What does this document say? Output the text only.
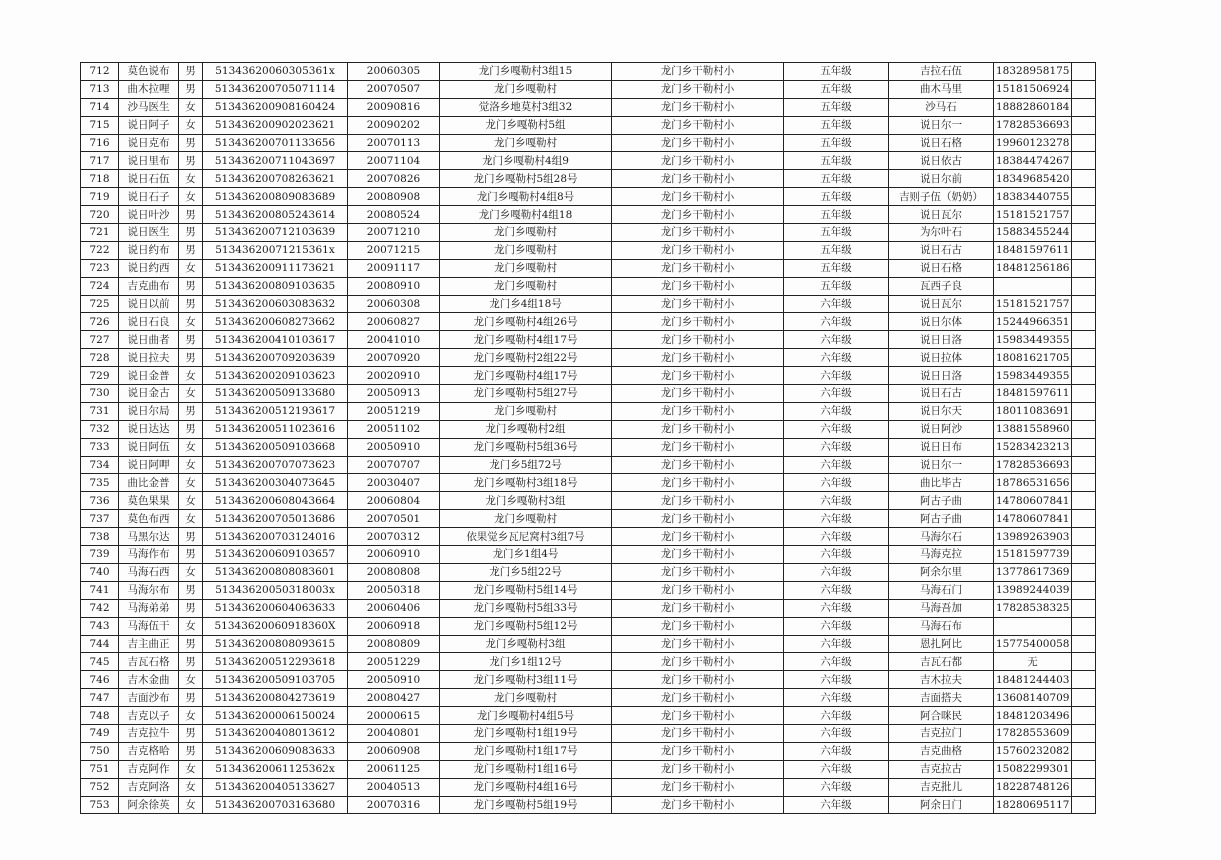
712	莫色说布	男	51343620060305361x	20060305	龙门乡嘎勒村3组15	龙门乡干勒村小	五年级	吉拉石伍	18328958175	
713	曲木拉哩	男	513436200705071114	20070507	龙门乡嘎勒村	龙门乡干勒村小	五年级	曲木马里	15181506924	
714	沙马医生	女	513436200908160424	20090816	觉洛乡地莫村3组32	龙门乡干勒村小	五年级	沙马石	18882860184	
715	说日阿子	女	513436200902023621	20090202	龙门乡嘎勒村5组	龙门乡干勒村小	五年级	说日尔一	17828536693	
716	说日克布	男	513436200701133656	20070113	龙门乡嘎勒村	龙门乡干勒村小	五年级	说日石格	19960123278	
717	说日里布	男	513436200711043697	20071104	龙门乡嘎勒村4组9	龙门乡干勒村小	五年级	说日依古	18384474267	
718	说日石伍	女	513436200708263621	20070826	龙门乡嘎勒村5组28号	龙门乡干勒村小	五年级	说日尔前	18349685420	
719	说日石子	女	513436200809083689	20080908	龙门乡嘎勒村4组8号	龙门乡干勒村小	五年级	吉则子伍（奶奶）	18383440755	
720	说日叶沙	男	513436200805243614	20080524	龙门乡嘎勒村4组18	龙门乡干勒村小	五年级	说日瓦尔	15181521757	
721	说日医生	男	513436200712103639	20071210	龙门乡嘎勒村	龙门乡干勒村小	五年级	为尔叶石	15883455244	
722	说日约布	男	51343620071215361x	20071215	龙门乡嘎勒村	龙门乡干勒村小	五年级	说日石古	18481597611	
723	说日约西	女	513436200911173621	20091117	龙门乡嘎勒村	龙门乡干勒村小	五年级	说日石格	18481256186	
724	吉克曲布	男	513436200809103635	20080910	龙门乡嘎勒村	龙门乡干勒村小	五年级	瓦西子良		
725	说日以前	男	513436200603083632	20060308	龙门乡4组18号	龙门乡干勒村小	六年级	说日瓦尔	15181521757	
726	说日石良	女	513436200608273662	20060827	龙门乡嘎勒村4组26号	龙门乡干勒村小	六年级	说日尔体	15244966351	
727	说日曲者	男	513436200410103617	20041010	龙门乡嘎勒村4组17号	龙门乡干勒村小	六年级	说日日洛	15983449355	
728	说日拉夫	男	513436200709203639	20070920	龙门乡嘎勒村2组22号	龙门乡干勒村小	六年级	说日拉体	18081621705	
729	说日金普	女	513436200209103623	20020910	龙门乡嘎勒村4组17号	龙门乡干勒村小	六年级	说日日洛	15983449355	
730	说日金古	女	513436200509133680	20050913	龙门乡嘎勒村5组27号	龙门乡干勒村小	六年级	说日石古	18481597611	
731	说日尔局	男	513436200512193617	20051219	龙门乡嘎勒村	龙门乡干勒村小	六年级	说日尔天	18011083691	
732	说日达达	男	513436200511023616	20051102	龙门乡嘎勒村2组	龙门乡干勒村小	六年级	说日阿沙	13881558960	
733	说日阿伍	女	513436200509103668	20050910	龙门乡嘎勒村5组36号	龙门乡干勒村小	六年级	说日日布	15283423213	
734	说日阿呷	女	513436200707073623	20070707	龙门乡5组72号	龙门乡干勒村小	六年级	说日尔一	17828536693	
735	曲比金普	女	513436200304073645	20030407	龙门乡嘎勒村3组18号	龙门乡干勒村小	六年级	曲比毕古	18786531656	
736	莫色果果	女	513436200608043664	20060804	龙门乡嘎勒村3组	龙门乡干勒村小	六年级	阿古子曲	14780607841	
737	莫色布西	女	513436200705013686	20070501	龙门乡嘎勒村	龙门乡干勒村小	六年级	阿古子曲	14780607841	
738	马黑尔达	男	513436200703124016	20070312	依果觉乡瓦尼窝村3组7号	龙门乡干勒村小	六年级	马海尔石	13989263903	
739	马海作布	男	513436200609103657	20060910	龙门乡1组4号	龙门乡干勒村小	六年级	马海克拉	15181597739	
740	马海石西	女	513436200808083601	20080808	龙门乡5组22号	龙门乡干勒村小	六年级	阿余尔里	13778617369	
741	马海尔布	男	51343620050318003x	20050318	龙门乡嘎勒村5组14号	龙门乡干勒村小	六年级	马海石门	13989244039	
742	马海弟弟	男	513436200604063633	20060406	龙门乡嘎勒村5组33号	龙门乡干勒村小	六年级	马海吾加	17828538325	
743	马海伍干	女	51343620060918360X	20060918	龙门乡嘎勒村5组12号	龙门乡干勒村小	六年级	马海石布		
744	吉主曲正	男	513436200808093615	20080809	龙门乡嘎勒村3组	龙门乡干勒村小	六年级	恩扎阿比	15775400058	
745	吉瓦石格	男	513436200512293618	20051229	龙门乡1组12号	龙门乡干勒村小	六年级	吉瓦石都	无	
746	吉木金曲	女	513436200509103705	20050910	龙门乡嘎勒村3组11号	龙门乡干勒村小	六年级	吉木拉夫	18481244403	
747	吉面沙布	男	513436200804273619	20080427	龙门乡嘎勒村	龙门乡干勒村小	六年级	吉面搭夫	13608140709	
748	吉克以子	女	513436200006150024	20000615	龙门乡嘎勒村4组5号	龙门乡干勒村小	六年级	阿合咪民	18481203496	
749	吉克拉牛	男	513436200408013612	20040801	龙门乡嘎勒村1组19号	龙门乡干勒村小	六年级	吉克拉门	17828553609	
750	吉克格哈	男	513436200609083633	20060908	龙门乡嘎勒村1组17号	龙门乡干勒村小	六年级	吉克曲格	15760232082	
751	吉克阿作	女	51343620061125362x	20061125	龙门乡嘎勒村1组16号	龙门乡干勒村小	六年级	吉克拉古	15082299301	
752	吉克阿洛	女	513436200405133627	20040513	龙门乡嘎勒村4组16号	龙门乡干勒村小	六年级	吉克批儿	18228748126	
753	阿余徐英	女	513436200703163680	20070316	龙门乡嘎勒村5组19号	龙门乡干勒村小	六年级	阿余日门	18280695117	
